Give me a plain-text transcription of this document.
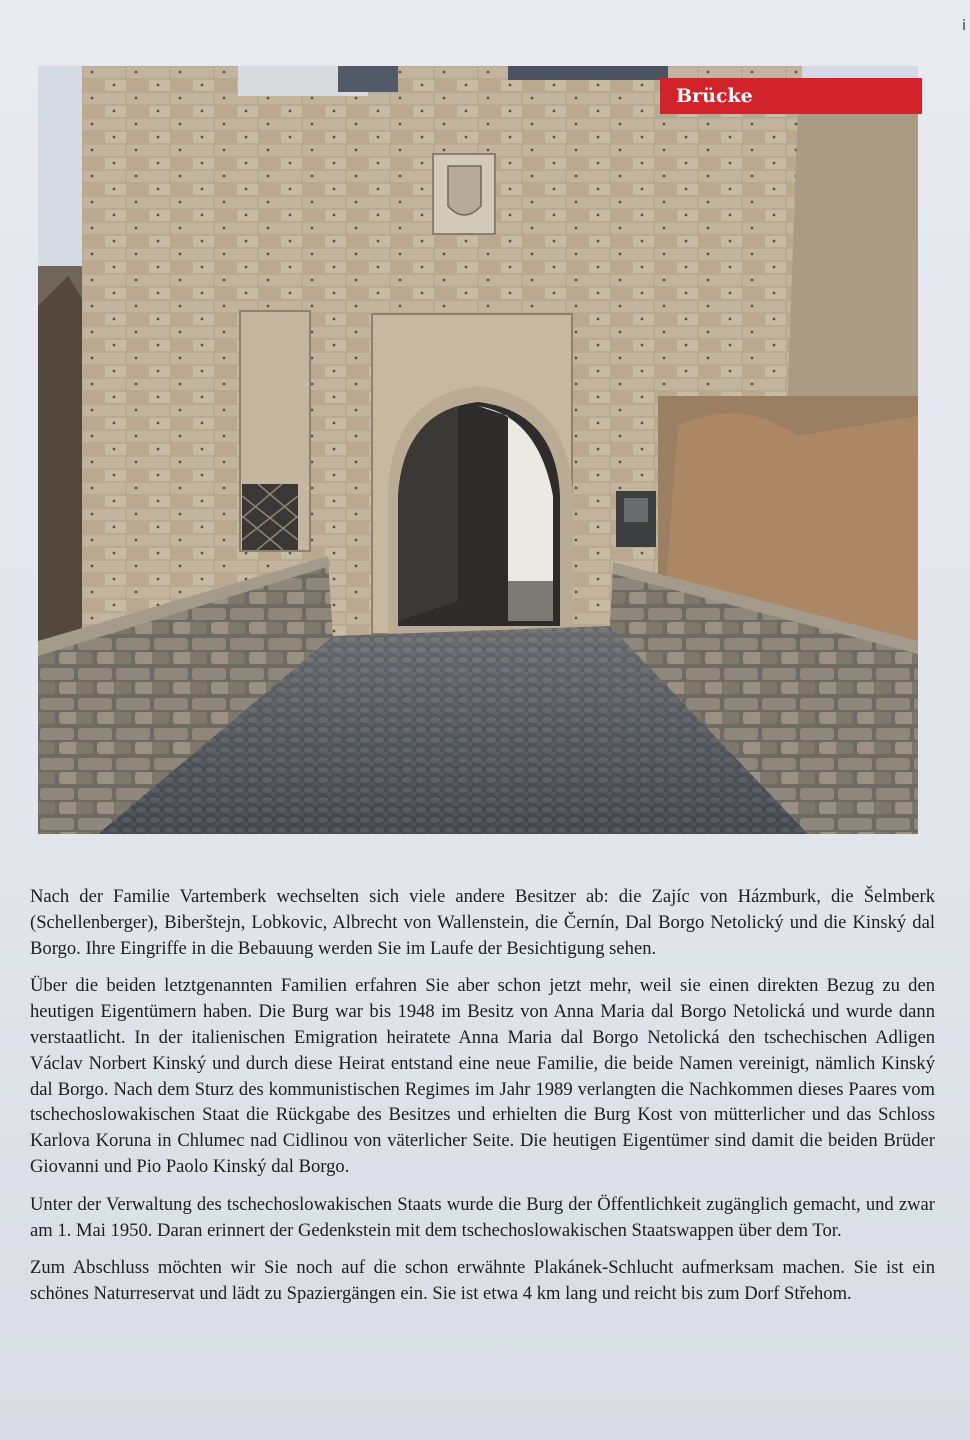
i
Brücke

Nach der Familie Vartemberk wechselten sich viele andere Besitzer ab: die Zajíc von Házmburk, die Šelmberk (Schellenberger), Biberštejn, Lobkovic, Albrecht von Wallenstein, die Černín, Dal Borgo Netolický und die Kinský dal Borgo. Ihre Eingriffe in die Bebauung werden Sie im Laufe der Besichtigung sehen.

Über die beiden letztgenannten Familien erfahren Sie aber schon jetzt mehr, weil sie einen direkten Bezug zu den heutigen Eigentümern haben. Die Burg war bis 1948 im Besitz von Anna Maria dal Borgo Netolická und wurde dann verstaatlicht. In der italienischen Emigration heiratete Anna Maria dal Borgo Netolická den tschechischen Adligen Václav Norbert Kinský und durch diese Heirat entstand eine neue Familie, die beide Namen vereinigt, nämlich Kinský dal Borgo. Nach dem Sturz des kommunistischen Regimes im Jahr 1989 verlangten die Nachkommen dieses Paares vom tschechoslowakischen Staat die Rückgabe des Besitzes und erhielten die Burg Kost von mütterlicher und das Schloss Karlova Koruna in Chlumec nad Cidlinou von väterlicher Seite. Die heutigen Eigentümer sind damit die beiden Brüder Giovanni und Pio Paolo Kinský dal Borgo.

Unter der Verwaltung des tschechoslowakischen Staats wurde die Burg der Öffentlichkeit zugänglich gemacht, und zwar am 1. Mai 1950. Daran erinnert der Gedenkstein mit dem tschechoslowakischen Staatswappen über dem Tor.

Zum Abschluss möchten wir Sie noch auf die schon erwähnte Plakánek-Schlucht aufmerksam machen. Sie ist ein schönes Naturreservat und lädt zu Spaziergängen ein. Sie ist etwa 4 km lang und reicht bis zum Dorf Střehom.
